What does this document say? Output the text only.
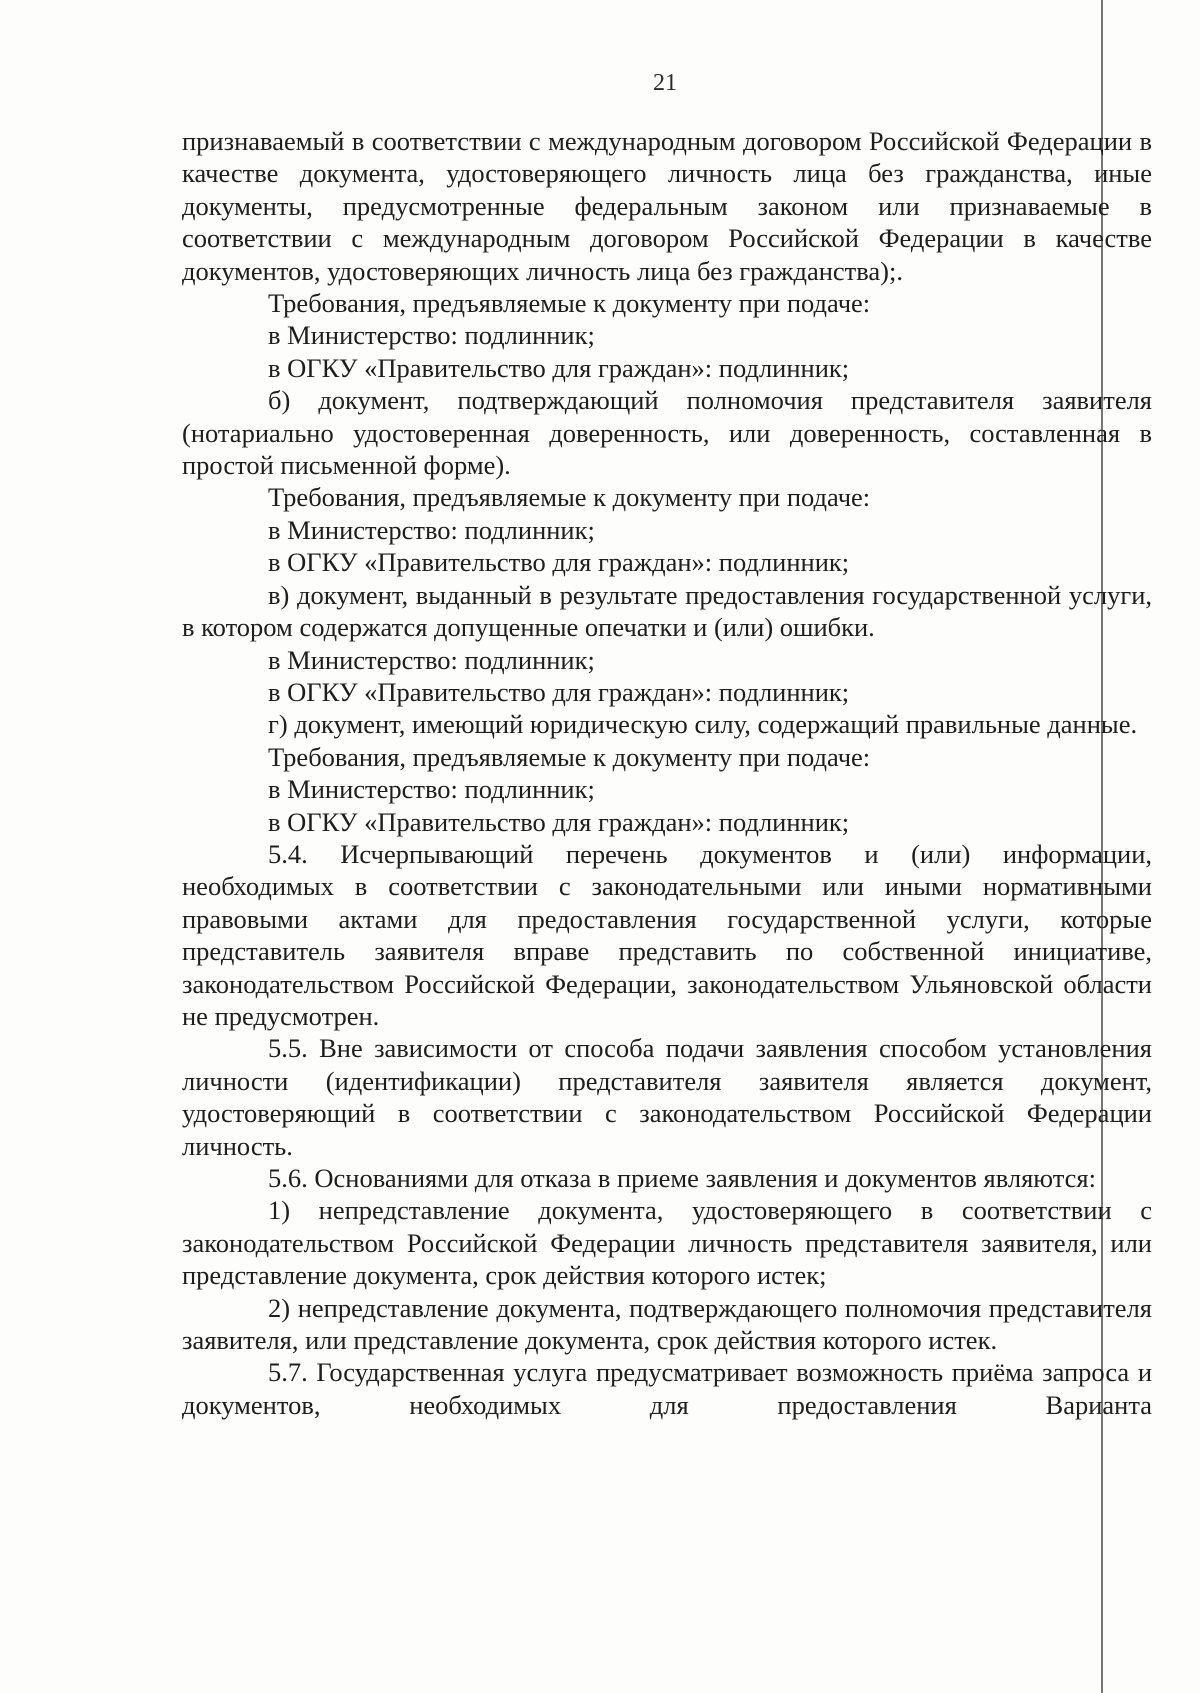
21

признаваемый в соответствии с международным договором Российской Федерации в качестве документа, удостоверяющего личность лица без гражданства, иные документы, предусмотренные федеральным законом или признаваемые в соответствии с международным договором Российской Федерации в качестве документов, удостоверяющих личность лица без гражданства);.

Требования, предъявляемые к документу при подаче:

в Министерство: подлинник;

в ОГКУ «Правительство для граждан»: подлинник;

б) документ, подтверждающий полномочия представителя заявителя (нотариально удостоверенная доверенность, или доверенность, составленная в простой письменной форме).

Требования, предъявляемые к документу при подаче:

в Министерство: подлинник;

в ОГКУ «Правительство для граждан»: подлинник;

в) документ, выданный в результате предоставления государственной услуги, в котором содержатся допущенные опечатки и (или) ошибки.

в Министерство: подлинник;

в ОГКУ «Правительство для граждан»: подлинник;

г) документ, имеющий юридическую силу, содержащий правильные данные.

Требования, предъявляемые к документу при подаче:

в Министерство: подлинник;

в ОГКУ «Правительство для граждан»: подлинник;

5.4. Исчерпывающий перечень документов и (или) информации, необходимых в соответствии с законодательными или иными нормативными правовыми актами для предоставления государственной услуги, которые представитель заявителя вправе представить по собственной инициативе, законодательством Российской Федерации, законодательством Ульяновской области не предусмотрен.

5.5. Вне зависимости от способа подачи заявления способом установления личности (идентификации) представителя заявителя является документ, удостоверяющий в соответствии с законодательством Российской Федерации личность.

5.6. Основаниями для отказа в приеме заявления и документов являются:

1) непредставление документа, удостоверяющего в соответствии с законодательством Российской Федерации личность представителя заявителя, или представление документа, срок действия которого истек;

2) непредставление документа, подтверждающего полномочия представителя заявителя, или представление документа, срок действия которого истек.

5.7. Государственная услуга предусматривает возможность приёма запроса и документов, необходимых для предоставления Варианта
